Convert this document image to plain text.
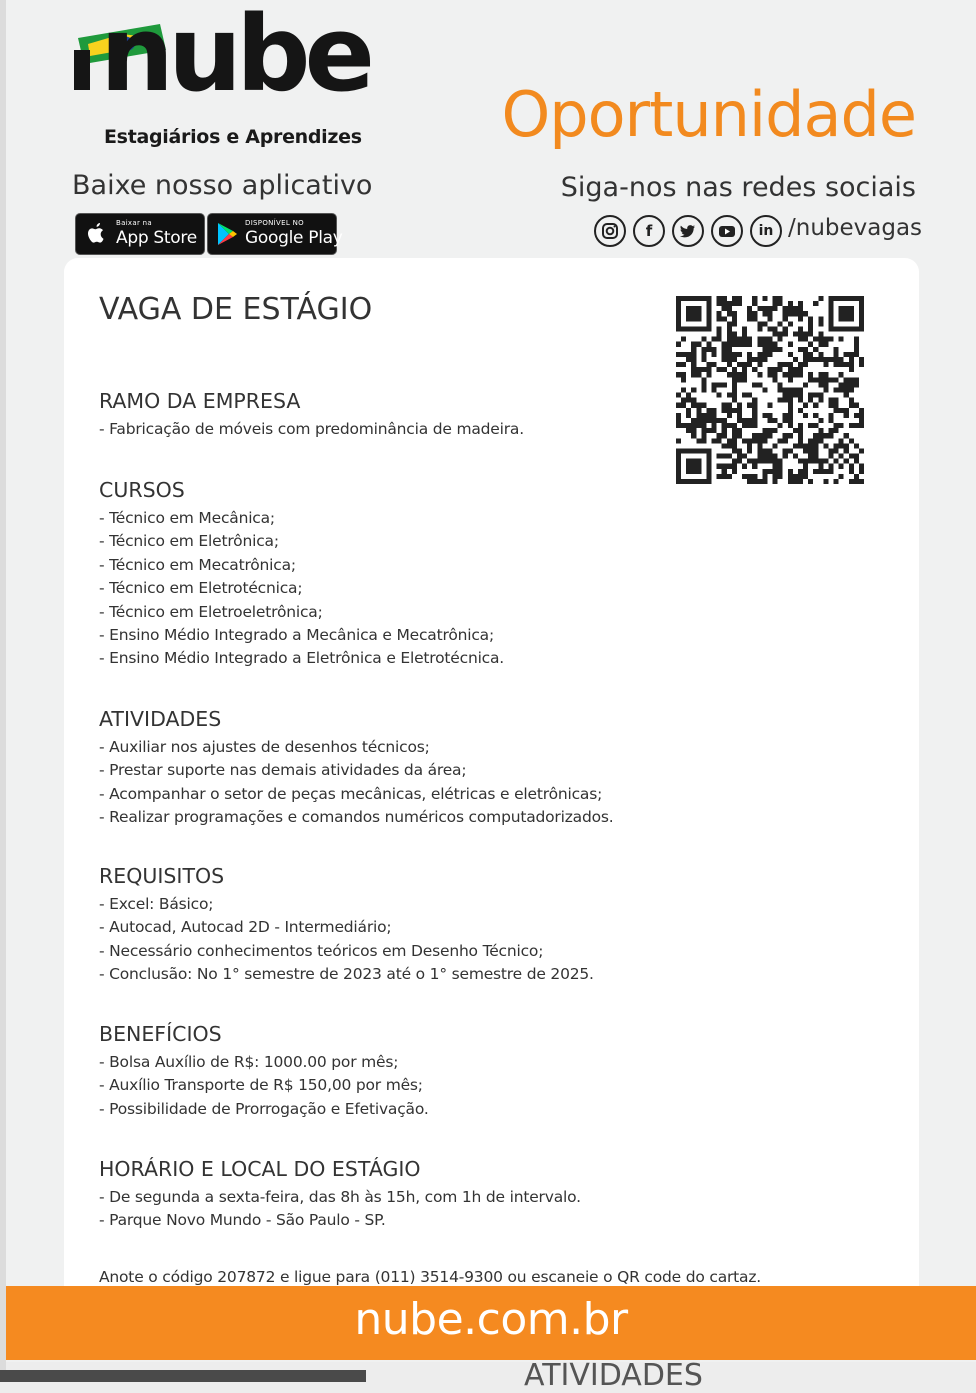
nube
Estagiários e Aprendizes Oportunidade
Baixe nosso aplicativo	Siga-nos nas redes sociais
Baixar na
App Store
DISPONÍVEL NO
Google Play	f	in /nubevagas
VAGA DE ESTÁGIO
RAMO DA EMPRESA
- Fabricação de móveis com predominância de madeira.
CURSOS
- Técnico em Mecânica;
- Técnico em Eletrônica;
- Técnico em Mecatrônica;
- Técnico em Eletrotécnica;
- Técnico em Eletroeletrônica;
- Ensino Médio Integrado a Mecânica e Mecatrônica;
- Ensino Médio Integrado a Eletrônica e Eletrotécnica.
ATIVIDADES
- Auxiliar nos ajustes de desenhos técnicos;
- Prestar suporte nas demais atividades da área;
- Acompanhar o setor de peças mecânicas, elétricas e eletrônicas;
- Realizar programações e comandos numéricos computadorizados.
REQUISITOS
- Excel: Básico;
- Autocad, Autocad 2D - Intermediário;
- Necessário conhecimentos teóricos em Desenho Técnico;
- Conclusão: No 1° semestre de 2023 até o 1° semestre de 2025.
BENEFÍCIOS
- Bolsa Auxílio de R$: 1000.00 por mês;
- Auxílio Transporte de R$ 150,00 por mês;
- Possibilidade de Prorrogação e Efetivação.
HORÁRIO E LOCAL DO ESTÁGIO
- De segunda a sexta-feira, das 8h às 15h, com 1h de intervalo.
- Parque Novo Mundo - São Paulo - SP.
Anote o código 207872 e ligue para (011) 3514-9300 ou escaneie o QR code do cartaz.
nube.com.br
ATIVIDADES
